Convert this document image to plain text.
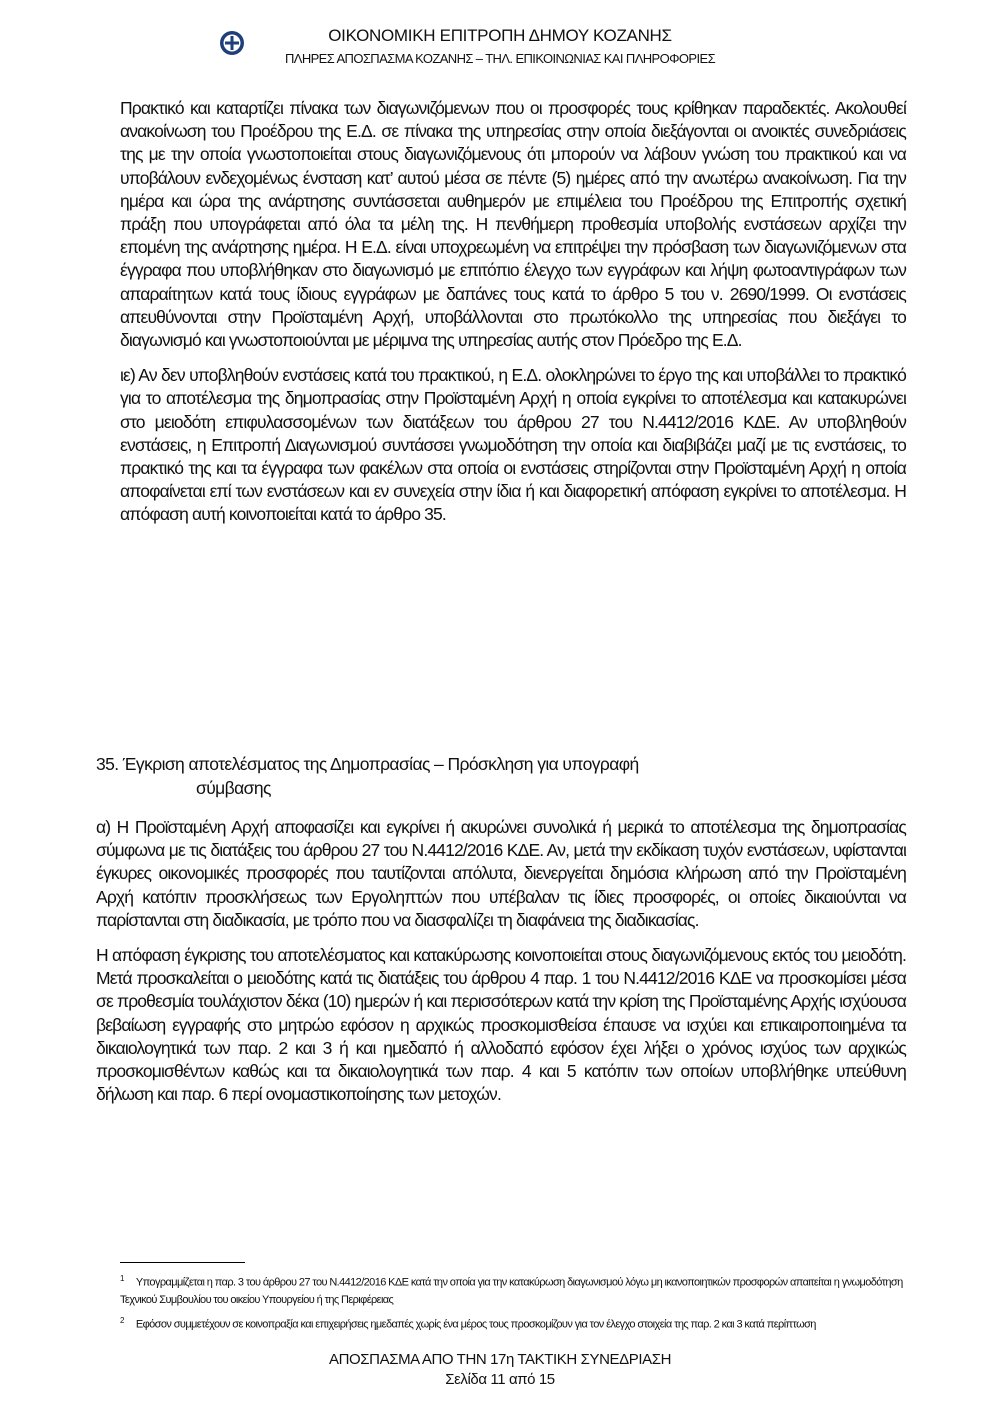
ΟΙΚΟΝΟΜΙΚΗ ΕΠΙΤΡΟΠΗ ΔΗΜΟΥ ΚΟΖΑΝΗΣ
ΠΛΗΡΕΣ ΑΠΟΣΠΑΣΜΑ ΚΟΖΑΝΗΣ – ΤΗΛ. ΕΠΙΚΟΙΝΩΝΙΑΣ ΚΑΙ ΠΛΗΡΟΦΟΡΙΕΣ

Πρακτικό και καταρτίζει πίνακα των διαγωνιζόμενων που οι προσφορές τους κρίθηκαν παραδεκτές. Ακολουθεί ανακοίνωση του Προέδρου της Ε.Δ. σε πίνακα της υπηρεσίας στην οποία διεξάγονται οι ανοικτές συνεδριάσεις της με την οποία γνωστοποιείται στους διαγωνιζόμενους ότι μπορούν να λάβουν γνώση του πρακτικού και να υποβάλουν ενδεχομένως ένσταση κατ’ αυτού μέσα σε πέντε (5) ημέρες από την ανωτέρω ανακοίνωση. Για την ημέρα και ώρα της ανάρτησης συντάσσεται αυθημερόν με επιμέλεια του Προέδρου της Επιτροπής σχετική πράξη που υπογράφεται από όλα τα μέλη της. Η πενθήμερη προθεσμία υποβολής ενστάσεων αρχίζει την επομένη της ανάρτησης ημέρα. Η Ε.Δ. είναι υποχρεωμένη να επιτρέψει την πρόσβαση των διαγωνιζόμενων στα έγγραφα που υποβλήθηκαν στο διαγωνισμό με επιτόπιο έλεγχο των εγγράφων και λήψη φωτοαντιγράφων των απαραίτητων κατά τους ίδιους εγγράφων με δαπάνες τους κατά το άρθρο 5 του ν. 2690/1999. Οι ενστάσεις απευθύνονται στην Προϊσταμένη Αρχή, υποβάλλονται στο πρωτόκολλο της υπηρεσίας που διεξάγει το διαγωνισμό και γνωστοποιούνται με μέριμνα της υπηρεσίας αυτής στον Πρόεδρο της Ε.Δ.

ιε) Αν δεν υποβληθούν ενστάσεις κατά του πρακτικού, η Ε.Δ. ολοκληρώνει το έργο της και υποβάλλει το πρακτικό για το αποτέλεσμα της δημοπρασίας στην Προϊσταμένη Αρχή η οποία εγκρίνει το αποτέλεσμα και κατακυρώνει στο μειοδότη επιφυλασσομένων των διατάξεων του άρθρου 27 του Ν.4412/2016 ΚΔΕ. Αν υποβληθούν ενστάσεις, η Επιτροπή Διαγωνισμού συντάσσει γνωμοδότηση την οποία και διαβιβάζει μαζί με τις ενστάσεις, το πρακτικό της και τα έγγραφα των φακέλων στα οποία οι ενστάσεις στηρίζονται στην Προϊσταμένη Αρχή η οποία αποφαίνεται επί των ενστάσεων και εν συνεχεία στην ίδια ή και διαφορετική απόφαση εγκρίνει το αποτέλεσμα. Η απόφαση αυτή κοινοποιείται κατά το άρθρο 35.

35. Έγκριση αποτελέσματος της Δημοπρασίας – Πρόσκληση για υπογραφή
σύμβασης

α) Η Προϊσταμένη Αρχή αποφασίζει και εγκρίνει ή ακυρώνει συνολικά ή μερικά το αποτέλεσμα της δημοπρασίας σύμφωνα με τις διατάξεις του άρθρου 27 του Ν.4412/2016 ΚΔΕ. Αν, μετά την εκδίκαση τυχόν ενστάσεων, υφίστανται έγκυρες οικονομικές προσφορές που ταυτίζονται απόλυτα, διενεργείται δημόσια κλήρωση από την Προϊσταμένη Αρχή κατόπιν προσκλήσεως των Εργοληπτών που υπέβαλαν τις ίδιες προσφορές, οι οποίες δικαιούνται να παρίστανται στη διαδικασία, με τρόπο που να διασφαλίζει τη διαφάνεια της διαδικασίας.

Η απόφαση έγκρισης του αποτελέσματος και κατακύρωσης κοινοποιείται στους διαγωνιζόμενους εκτός του μειοδότη. Μετά προσκαλείται ο μειοδότης κατά τις διατάξεις του άρθρου 4 παρ. 1 του Ν.4412/2016 ΚΔΕ να προσκομίσει μέσα σε προθεσμία τουλάχιστον δέκα (10) ημερών ή και περισσότερων κατά την κρίση της Προϊσταμένης Αρχής ισχύουσα βεβαίωση εγγραφής στο μητρώο εφόσον η αρχικώς προσκομισθείσα έπαυσε να ισχύει και επικαιροποιημένα τα δικαιολογητικά των παρ. 2 και 3 ή και ημεδαπό ή αλλοδαπό εφόσον έχει λήξει ο χρόνος ισχύος των αρχικώς προσκομισθέντων καθώς και τα δικαιολογητικά των παρ. 4 και 5 κατόπιν των οποίων υποβλήθηκε υπεύθυνη δήλωση και παρ. 6 περί ονομαστικοποίησης των μετοχών.

$^1$ Υπογραμμίζεται η παρ. 3 του άρθρου 27 του Ν.4412/2016 ΚΔΕ κατά την οποία για την κατακύρωση διαγωνισμού λόγω μη ικανοποιητικών προσφορών απαιτείται η γνωμοδότηση Τεχνικού Συμβουλίου του οικείου Υπουργείου ή της Περιφέρειας
$^2$ Εφόσον συμμετέχουν σε κοινοπραξία και επιχειρήσεις ημεδαπές χωρίς ένα μέρος τους προσκομίζουν για τον έλεγχο στοιχεία της παρ. 2 και 3 κατά περίπτωση
ΑΠΟΣΠΑΣΜΑ ΑΠΟ ΤΗΝ 17η ΤΑΚΤΙΚΗ ΣΥΝΕΔΡΙΑΣΗ
Σελίδα 11 από 15
